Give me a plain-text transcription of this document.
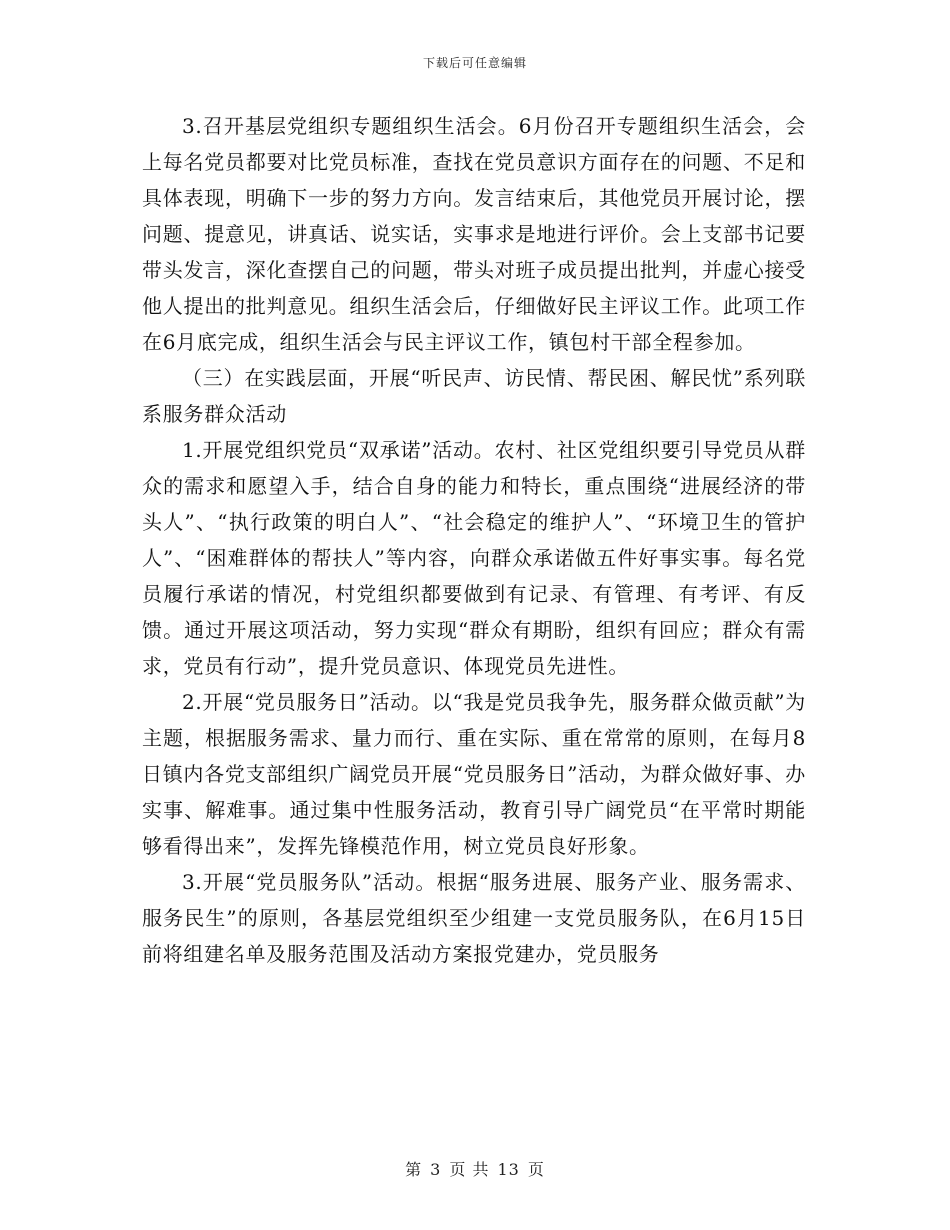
下载后可任意编辑

3.召开基层党组织专题组织生活会。6月份召开专题组织生活会，会上每名党员都要对比党员标准，查找在党员意识方面存在的问题、不足和具体表现，明确下一步的努力方向。发言结束后，其他党员开展讨论，摆问题、提意见，讲真话、说实话，实事求是地进行评价。会上支部书记要带头发言，深化查摆自己的问题，带头对班子成员提出批判，并虚心接受他人提出的批判意见。组织生活会后，仔细做好民主评议工作。此项工作在6月底完成，组织生活会与民主评议工作，镇包村干部全程参加。

（三）在实践层面，开展“听民声、访民情、帮民困、解民忧”系列联系服务群众活动

1.开展党组织党员“双承诺”活动。农村、社区党组织要引导党员从群众的需求和愿望入手，结合自身的能力和特长，重点围绕“进展经济的带头人”、“执行政策的明白人”、“社会稳定的维护人”、“环境卫生的管护人”、“困难群体的帮扶人”等内容，向群众承诺做五件好事实事。每名党员履行承诺的情况，村党组织都要做到有记录、有管理、有考评、有反馈。通过开展这项活动，努力实现“群众有期盼，组织有回应；群众有需求，党员有行动”，提升党员意识、体现党员先进性。

2.开展“党员服务日”活动。以“我是党员我争先，服务群众做贡献”为主题，根据服务需求、量力而行、重在实际、重在常常的原则，在每月8日镇内各党支部组织广阔党员开展“党员服务日”活动，为群众做好事、办实事、解难事。通过集中性服务活动，教育引导广阔党员“在平常时期能够看得出来”，发挥先锋模范作用，树立党员良好形象。

3.开展“党员服务队”活动。根据“服务进展、服务产业、服务需求、服务民生”的原则，各基层党组织至少组建一支党员服务队，在6月15日前将组建名单及服务范围及活动方案报党建办，党员服务

第 3 页 共 13 页
